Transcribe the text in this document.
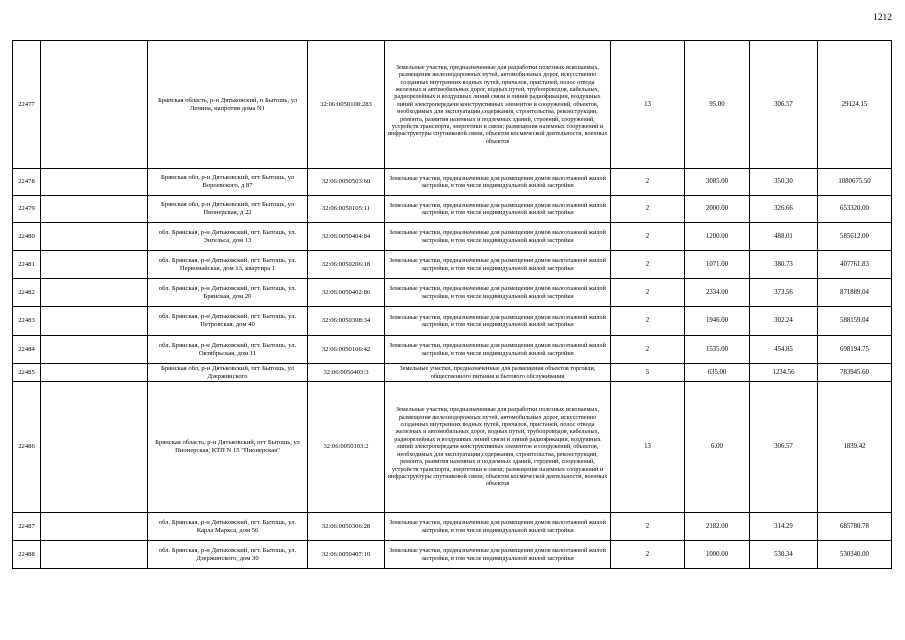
1212
22477		Брянская область, р-н Дятьковский, п Бытошь, ул Ленина, напротив дома N1	32:06:0050108:283	Земельные участки, предназначенные для разработки полезных ископаемых, размещения железнодорожных путей, автомобильных дорог, искусственно созданных внутренних водных путей, причалов, пристаней, полос отвода железных и автомобильных дорог, водных путей, трубопроводов, кабельных, радиорелейных и воздушных линий связи и линий радиофикации, воздушных линий электропередачи конструктивных элементов и сооружений, объектов, необходимых для эксплуатации,содержания, строительства, реконструкции, ремонта, развития наземных и подземных зданий, строений, сооружений, устройств транспорта, энергетики и связи; размещения наземных сооружений и инфраструктуры спутниковой связи, объектов космической деятельности, военных объектов	13	95.00	306.57	29124.15
22478		Брянская обл, р-н Дятьковский, пгт Бытошь, ул Вороевского, д 87	32:06:0050503:60	Земельные участки, предназначенные для размещения домов малоэтажной жилой застройки, в том числе индивидуальной жилой застройки	2	3085.00	350.30	1080675.50
22479		Брянская обл, р-н Дятьковский, пгт Бытошь, ул Пионерская, д 22	32:06:0050105:11	Земельные участки, предназначенные для размещения домов малоэтажной жилой застройки, в том числе индивидуальной жилой застройки	2	2000.00	326.66	653320.00
22480		обл. Брянская, р-н Дятьковский, пгт. Бытошь, ул. Энгельса, дом 13	32:06:0050404:84	Земельные участки, предназначенные для размещения домов малоэтажной жилой застройки, в том числе индивидуальной жилой застройки	2	1200.00	488.01	585612.00
22481		обл. Брянская, р-н Дятьковский, пгт. Бытошь, ул. Первомайская, дом 13, квартира 1	32:06:0050206:18	Земельные участки, предназначенные для размещения домов малоэтажной жилой застройки, в том числе индивидуальной жилой застройки	2	1071.00	380.73	407761.83
22482		обл. Брянская, р-н Дятьковский, пгт. Бытошь, ул. Брянская, дом 20	32:06:0050402:86	Земельные участки, предназначенные для размещения домов малоэтажной жилой застройки, в том числе индивидуальной жилой застройки	2	2334.00	373.56	871889.04
22483		обл. Брянская, р-н Дятьковский, пгт. Бытошь, ул. Петровская, дом 40	32:06:0050308:34	Земельные участки, предназначенные для размещения домов малоэтажной жилой застройки, в том числе индивидуальной жилой застройки	2	1946.00	302.24	588159.04
22484		обл. Брянская, р-н Дятьковский, пгт. Бытошь, ул. Октябрьская, дом 11	32:06:0050106:42	Земельные участки, предназначенные для размещения домов малоэтажной жилой застройки, в том числе индивидуальной жилой застройки	2	1535.00	454.85	698194.75
22485		Брянская обл, р-н Дятьковский, пгт Бытошь, ул Дзержинского	32:06:0050403:3	Земельные участки, предназначенные для размещения объектов торговли, общественного питания и бытового обслуживания	5	635.00	1234.56	783945.60
22486		Брянская область, р-н Дятьковский, пгт Бытошь, ул Пионерская, КТП N 15 "Пионерская"	32:06:0050103:2	Земельные участки, предназначенные для разработки полезных ископаемых, размещения железнодорожных путей, автомобильных дорог, искусственно созданных внутренних водных путей, причалов, пристаней, полос отвода железных и автомобильных дорог, водных путей, трубопроводов, кабельных, радиорелейных и воздушных линий связи и линий радиофикации, воздушных линий электропередачи конструктивных элементов и сооружений, объектов, необходимых для эксплуатации,содержания, строительства, реконструкции, ремонта, развития наземных и подземных зданий, строений, сооружений, устройств транспорта, энергетики и связи; размещения наземных сооружений и инфраструктуры спутниковой связи, объектов космической деятельности, военных объектов	13	6.00	306.57	1839.42
22487		обл. Брянская, р-н Дятьковский, пгт. Бытошь, ул. Карла Маркса, дом 56	32:06:0050306:28	Земельные участки, предназначенные для размещения домов малоэтажной жилой застройки, в том числе индивидуальной жилой застройки	2	2182.00	314.29	685780.78
22488		обл. Брянская, р-н Дятьковский, пгт. Бытошь, ул. Дзержинского, дом 30	32:06:0050407:10	Земельные участки, предназначенные для размещения домов малоэтажной жилой застройки, в том числе индивидуальной жилой застройки	2	1000.00	530.34	530340.00
